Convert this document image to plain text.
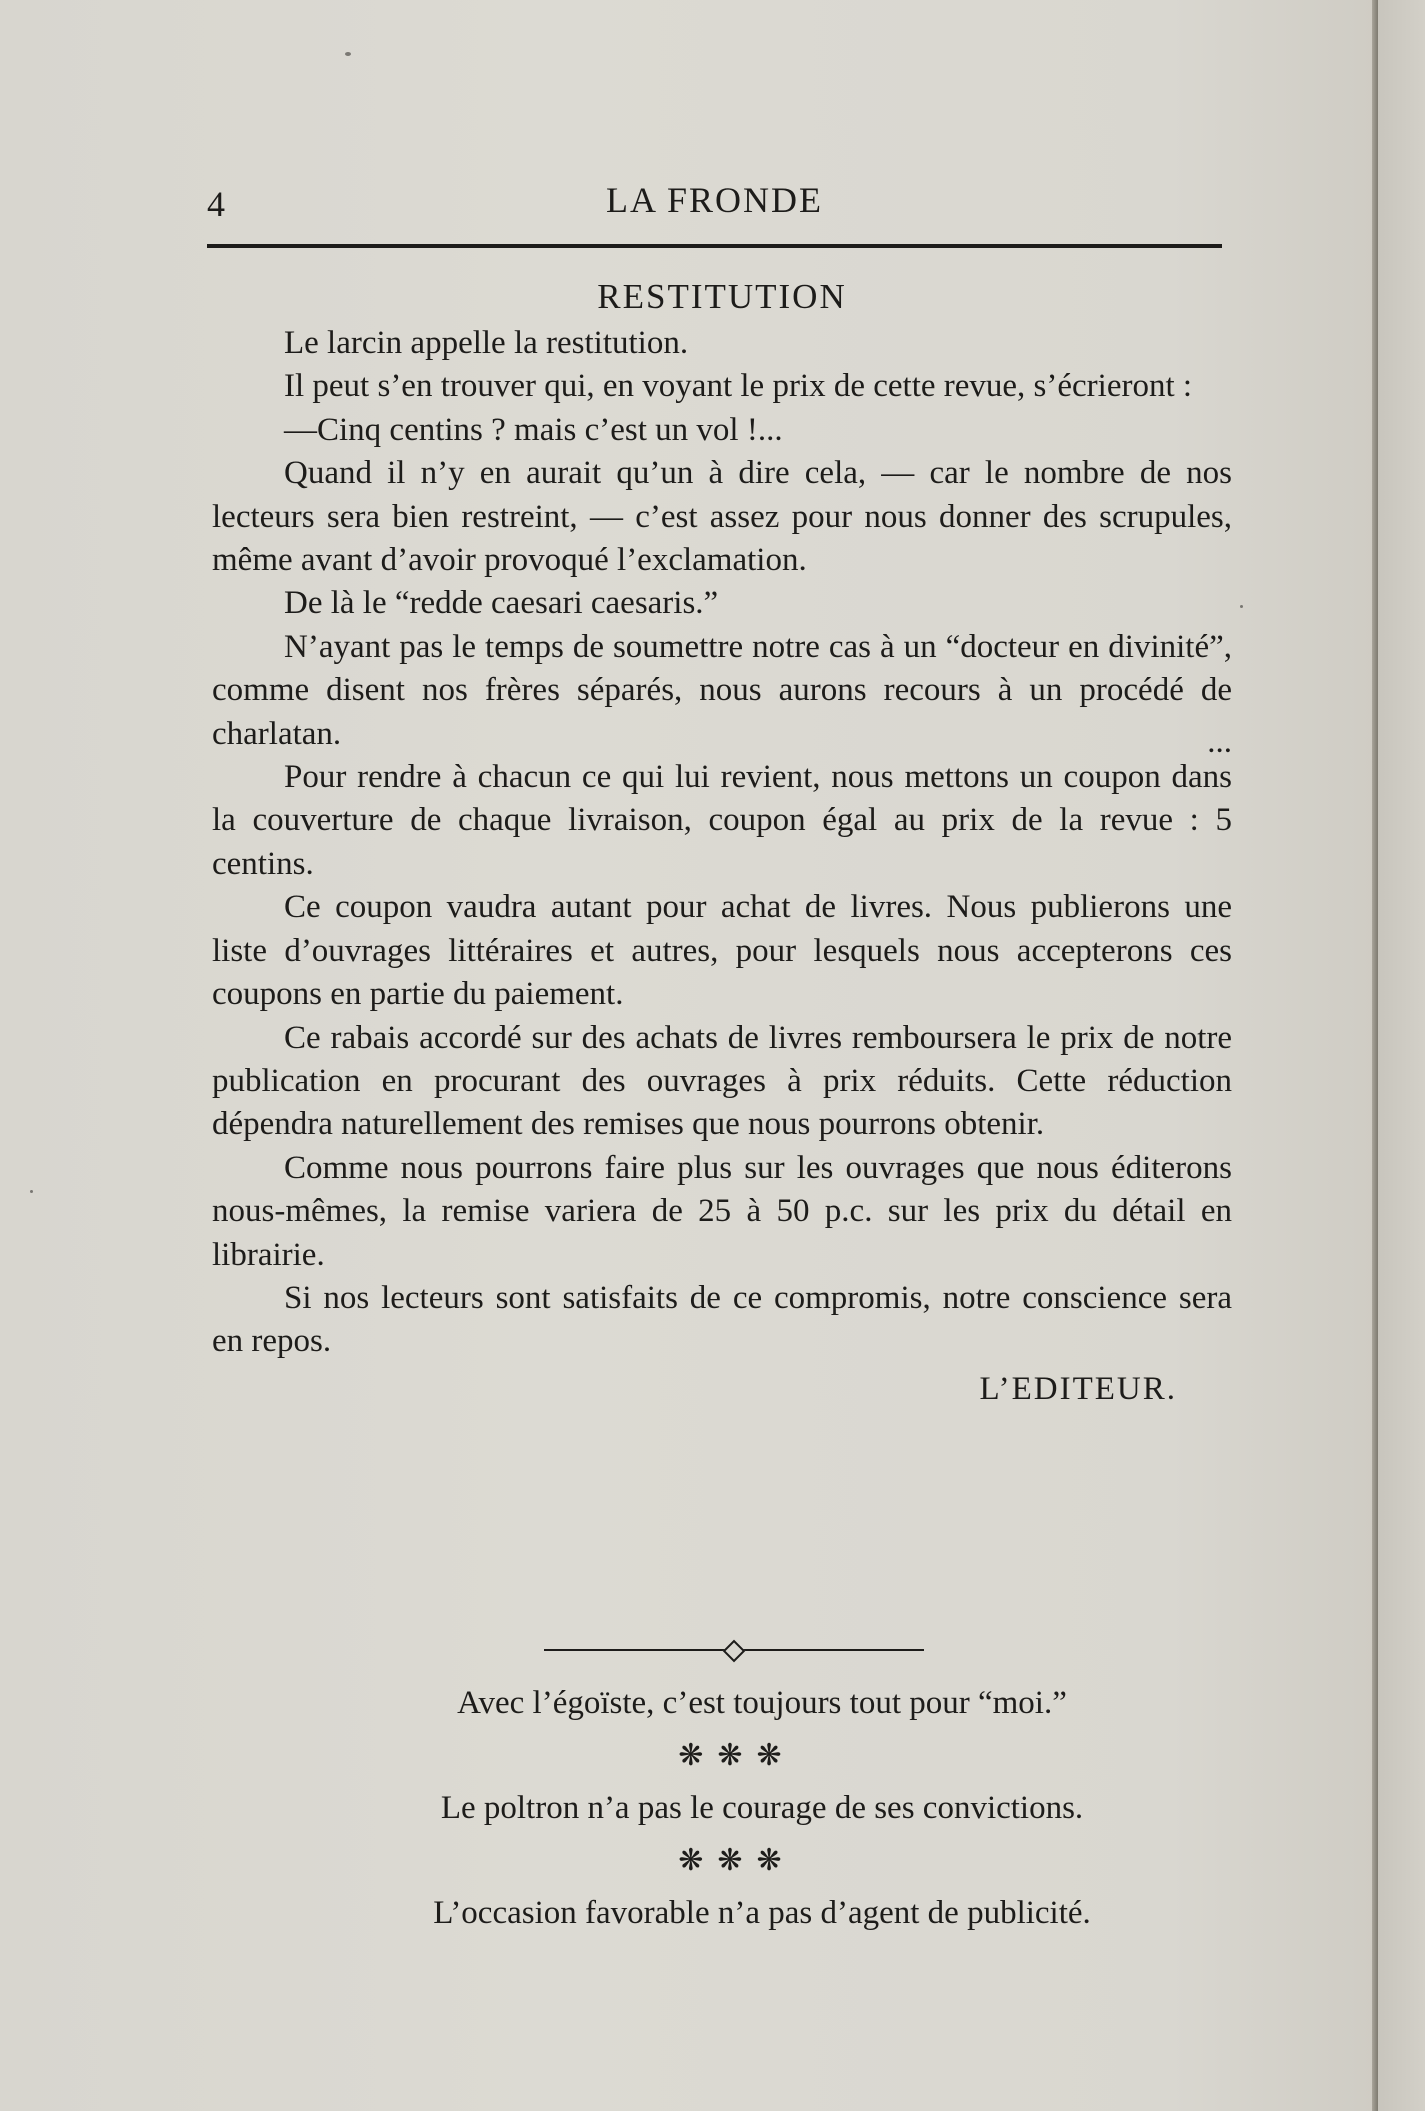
4	LA FRONDE
RESTITUTION

Le larcin appelle la restitution.

Il peut s’en trouver qui, en voyant le prix de cette revue, s’écrieront :

—Cinq centins ? mais c’est un vol !...

Quand il n’y en aurait qu’un à dire cela, — car le nombre de nos lecteurs sera bien restreint, — c’est assez pour nous donner des scrupules, même avant d’avoir provoqué l’exclamation.

De là le “redde caesari caesaris.”

N’ayant pas le temps de soumettre notre cas à un “docteur en divinité”, comme disent nos frères séparés, nous aurons recours à un procédé de charlatan.	...

Pour rendre à chacun ce qui lui revient, nous mettons un coupon dans la couverture de chaque livraison, coupon égal au prix de la revue : 5 centins.

Ce coupon vaudra autant pour achat de livres. Nous publierons une liste d’ouvrages littéraires et autres, pour lesquels nous accepterons ces coupons en partie du paiement.

Ce rabais accordé sur des achats de livres remboursera le prix de notre publication en procurant des ouvrages à prix réduits. Cette réduction dépendra naturellement des remises que nous pourrons obtenir.

Comme nous pourrons faire plus sur les ouvrages que nous éditerons nous-mêmes, la remise variera de 25 à 50 p.c. sur les prix du détail en librairie.

Si nos lecteurs sont satisfaits de ce compromis, notre conscience sera en repos.

L’EDITEUR.

Avec l’égoïste, c’est toujours tout pour “moi.”

❋❋❋

Le poltron n’a pas le courage de ses convictions.

❋❋❋

L’occasion favorable n’a pas d’agent de publicité.
